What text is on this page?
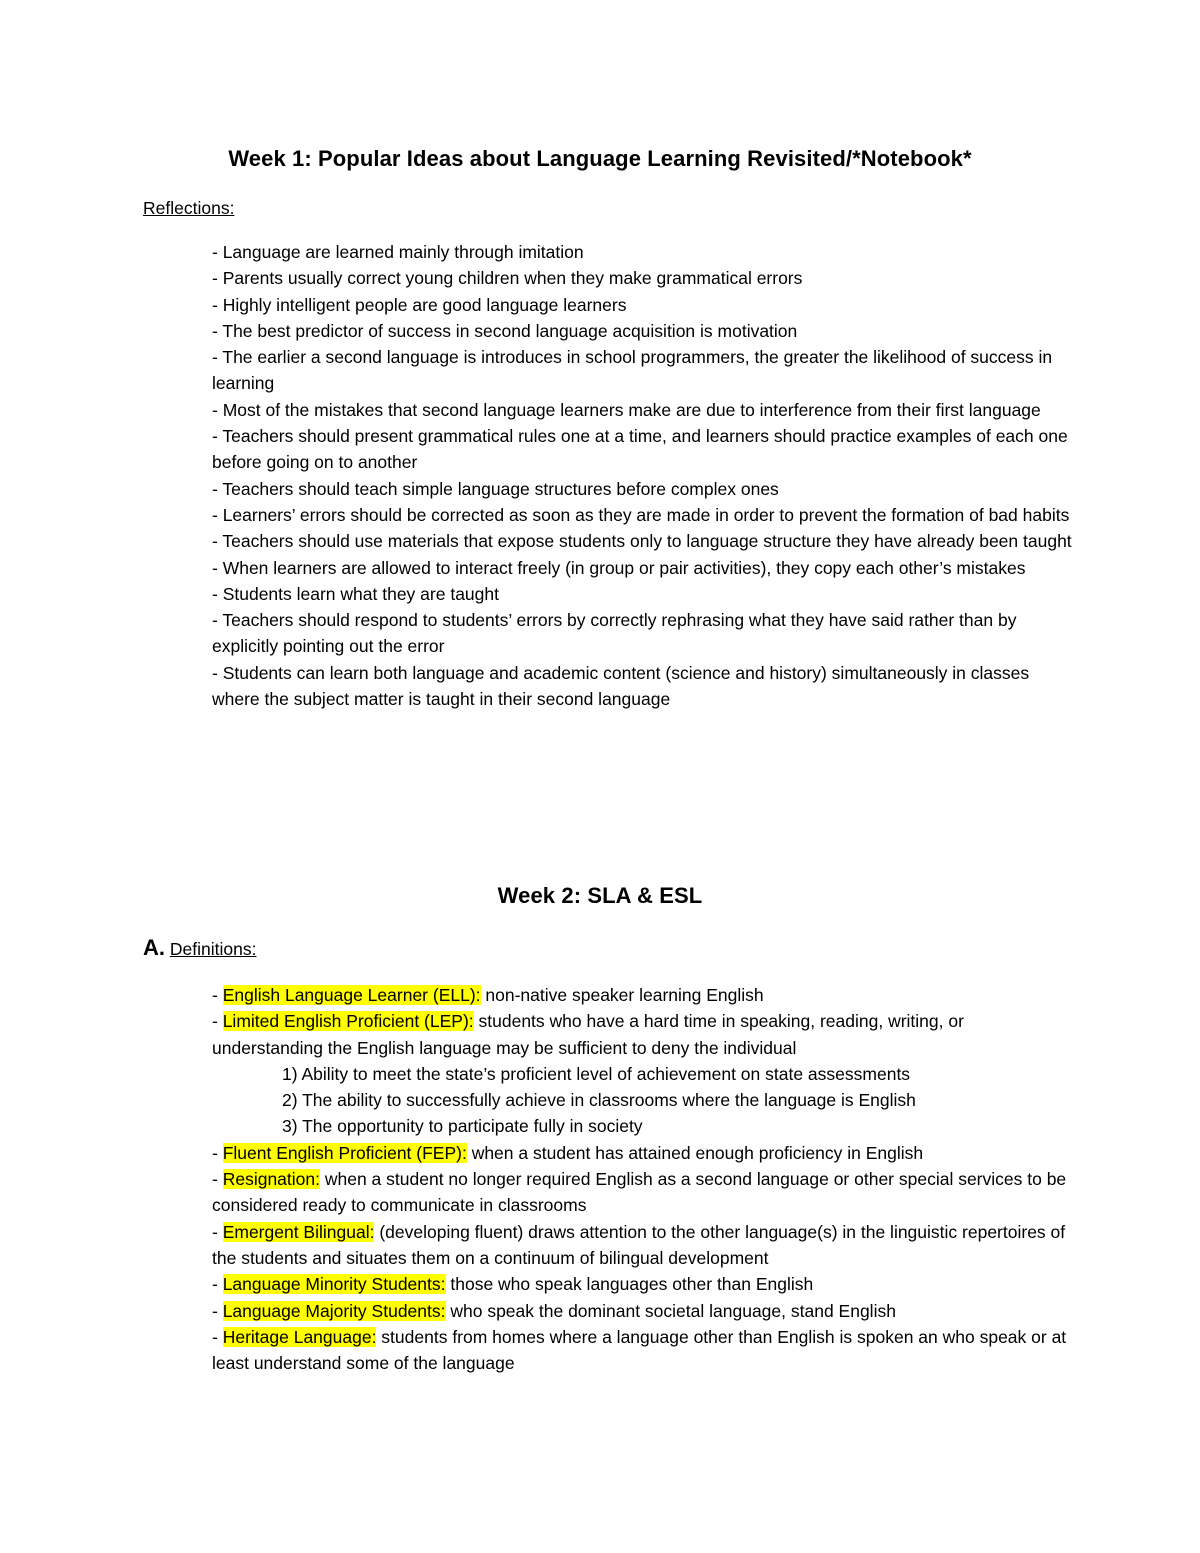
Week 1: Popular Ideas about Language Learning Revisited/*Notebook*
Reflections:

- Language are learned mainly through imitation

- Parents usually correct young children when they make grammatical errors

- Highly intelligent people are good language learners

- The best predictor of success in second language acquisition is motivation

- The earlier a second language is introduces in school programmers, the greater the likelihood of success in learning

- Most of the mistakes that second language learners make are due to interference from their first language

- Teachers should present grammatical rules one at a time, and learners should practice examples of each one before going on to another

- Teachers should teach simple language structures before complex ones

- Learners’ errors should be corrected as soon as they are made in order to prevent the formation of bad habits

- Teachers should use materials that expose students only to language structure they have already been taught

- When learners are allowed to interact freely (in group or pair activities), they copy each other’s mistakes

- Students learn what they are taught

- Teachers should respond to students’ errors by correctly rephrasing what they have said rather than by explicitly pointing out the error

- Students can learn both language and academic content (science and history) simultaneously in classes where the subject matter is taught in their second language

Week 2: SLA & ESL
A. Definitions:

- English Language Learner (ELL): non-native speaker learning English

- Limited English Proficient (LEP): students who have a hard time in speaking, reading, writing, or understanding the English language may be sufficient to deny the individual

1) Ability to meet the state’s proficient level of achievement on state assessments

2) The ability to successfully achieve in classrooms where the language is English

3) The opportunity to participate fully in society

- Fluent English Proficient (FEP): when a student has attained enough proficiency in English

- Resignation: when a student no longer required English as a second language or other special services to be considered ready to communicate in classrooms

- Emergent Bilingual: (developing fluent) draws attention to the other language(s) in the linguistic repertoires of the students and situates them on a continuum of bilingual development

- Language Minority Students: those who speak languages other than English

- Language Majority Students: who speak the dominant societal language, stand English

- Heritage Language: students from homes where a language other than English is spoken an who speak or at least understand some of the language
